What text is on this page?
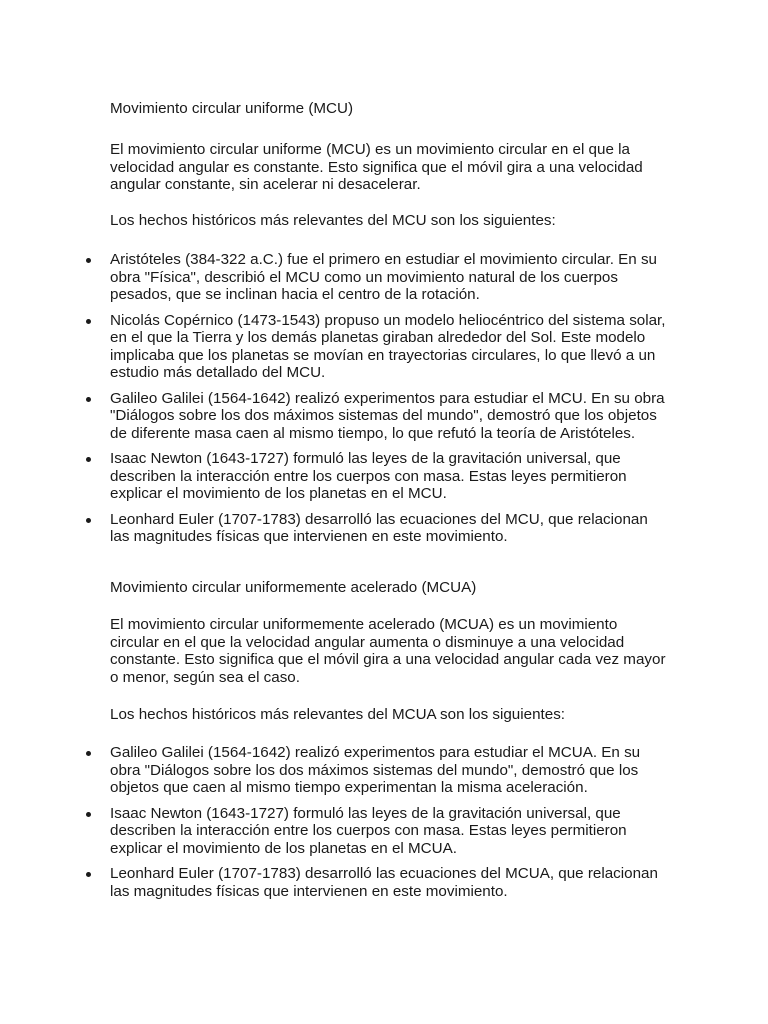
Movimiento circular uniforme (MCU)

El movimiento circular uniforme (MCU) es un movimiento circular en el que la velocidad angular es constante. Esto significa que el móvil gira a una velocidad angular constante, sin acelerar ni desacelerar.

Los hechos históricos más relevantes del MCU son los siguientes:

Aristóteles (384-322 a.C.) fue el primero en estudiar el movimiento circular. En su obra "Física", describió el MCU como un movimiento natural de los cuerpos pesados, que se inclinan hacia el centro de la rotación.
Nicolás Copérnico (1473-1543) propuso un modelo heliocéntrico del sistema solar, en el que la Tierra y los demás planetas giraban alrededor del Sol. Este modelo implicaba que los planetas se movían en trayectorias circulares, lo que llevó a un estudio más detallado del MCU.
Galileo Galilei (1564-1642) realizó experimentos para estudiar el MCU. En su obra "Diálogos sobre los dos máximos sistemas del mundo", demostró que los objetos de diferente masa caen al mismo tiempo, lo que refutó la teoría de Aristóteles.
Isaac Newton (1643-1727) formuló las leyes de la gravitación universal, que describen la interacción entre los cuerpos con masa. Estas leyes permitieron explicar el movimiento de los planetas en el MCU.
Leonhard Euler (1707-1783) desarrolló las ecuaciones del MCU, que relacionan las magnitudes físicas que intervienen en este movimiento.

Movimiento circular uniformemente acelerado (MCUA)

El movimiento circular uniformemente acelerado (MCUA) es un movimiento circular en el que la velocidad angular aumenta o disminuye a una velocidad constante. Esto significa que el móvil gira a una velocidad angular cada vez mayor o menor, según sea el caso.

Los hechos históricos más relevantes del MCUA son los siguientes:

Galileo Galilei (1564-1642) realizó experimentos para estudiar el MCUA. En su obra "Diálogos sobre los dos máximos sistemas del mundo", demostró que los objetos que caen al mismo tiempo experimentan la misma aceleración.
Isaac Newton (1643-1727) formuló las leyes de la gravitación universal, que describen la interacción entre los cuerpos con masa. Estas leyes permitieron explicar el movimiento de los planetas en el MCUA.
Leonhard Euler (1707-1783) desarrolló las ecuaciones del MCUA, que relacionan las magnitudes físicas que intervienen en este movimiento.
